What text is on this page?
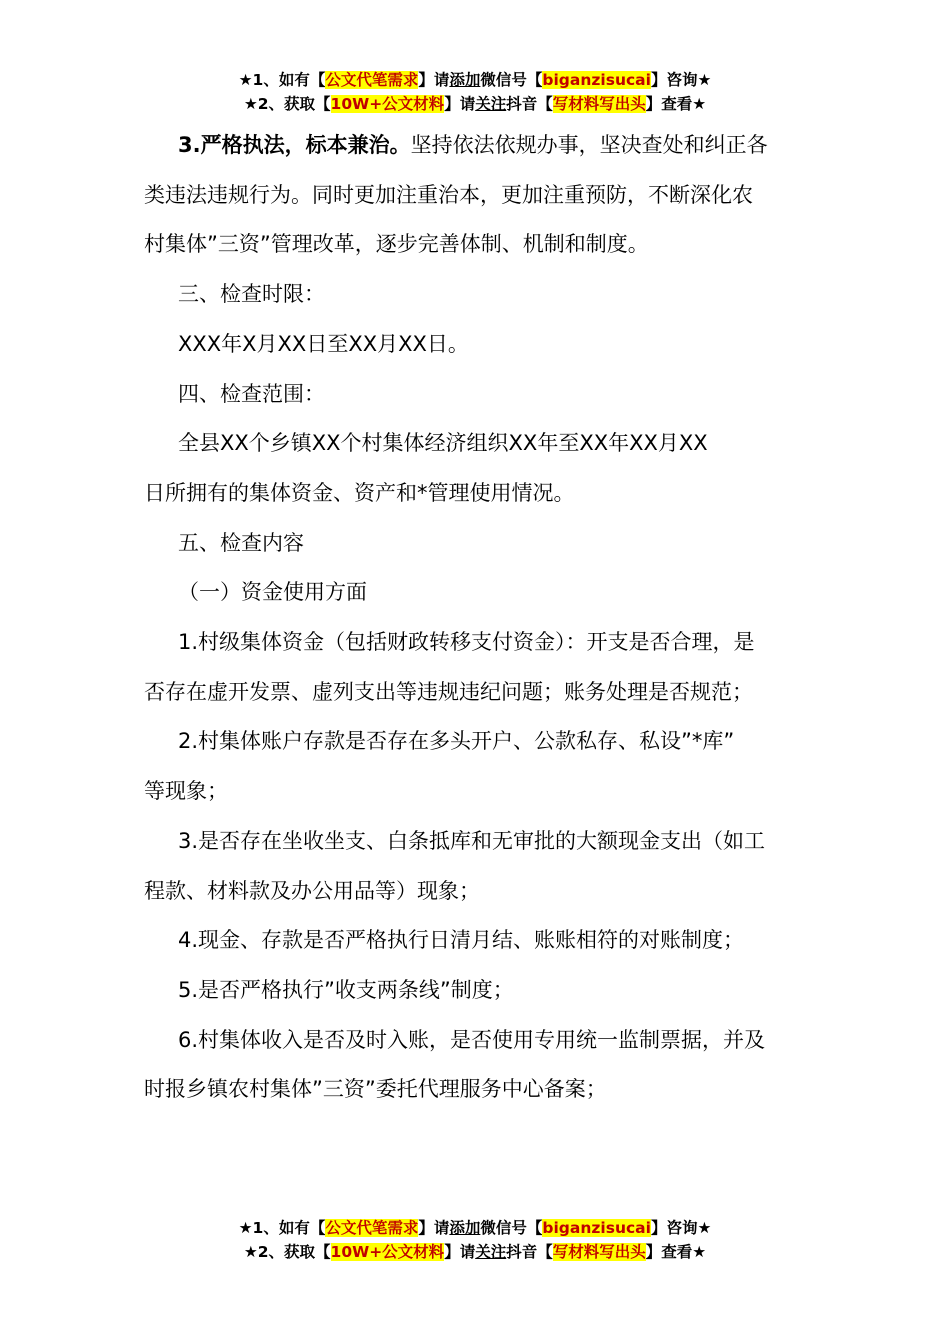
★1、如有【公文代笔需求】请添加微信号【biganzisucai】咨询★
★2、获取【10W+公文材料】请关注抖音【写材料写出头】查看★

3.严格执法，标本兼治。坚持依法依规办事，坚决查处和纠正各

类违法违规行为。同时更加注重治本，更加注重预防，不断深化农

村集体”三资”管理改革，逐步完善体制、机制和制度。

三、检查时限：

XXX年X月XX日至XX月XX日。

四、检查范围：

全县XX个乡镇XX个村集体经济组织XX年至XX年XX月XX

日所拥有的集体资金、资产和*管理使用情况。

五、检查内容

（一）资金使用方面

1.村级集体资金（包括财政转移支付资金）：开支是否合理，是

否存在虚开发票、虚列支出等违规违纪问题；账务处理是否规范；

2.村集体账户存款是否存在多头开户、公款私存、私设”*库”

等现象；

3.是否存在坐收坐支、白条抵库和无审批的大额现金支出（如工

程款、材料款及办公用品等）现象；

4.现金、存款是否严格执行日清月结、账账相符的对账制度；

5.是否严格执行”收支两条线”制度；

6.村集体收入是否及时入账，是否使用专用统一监制票据，并及

时报乡镇农村集体”三资”委托代理服务中心备案；

★1、如有【公文代笔需求】请添加微信号【biganzisucai】咨询★
★2、获取【10W+公文材料】请关注抖音【写材料写出头】查看★
